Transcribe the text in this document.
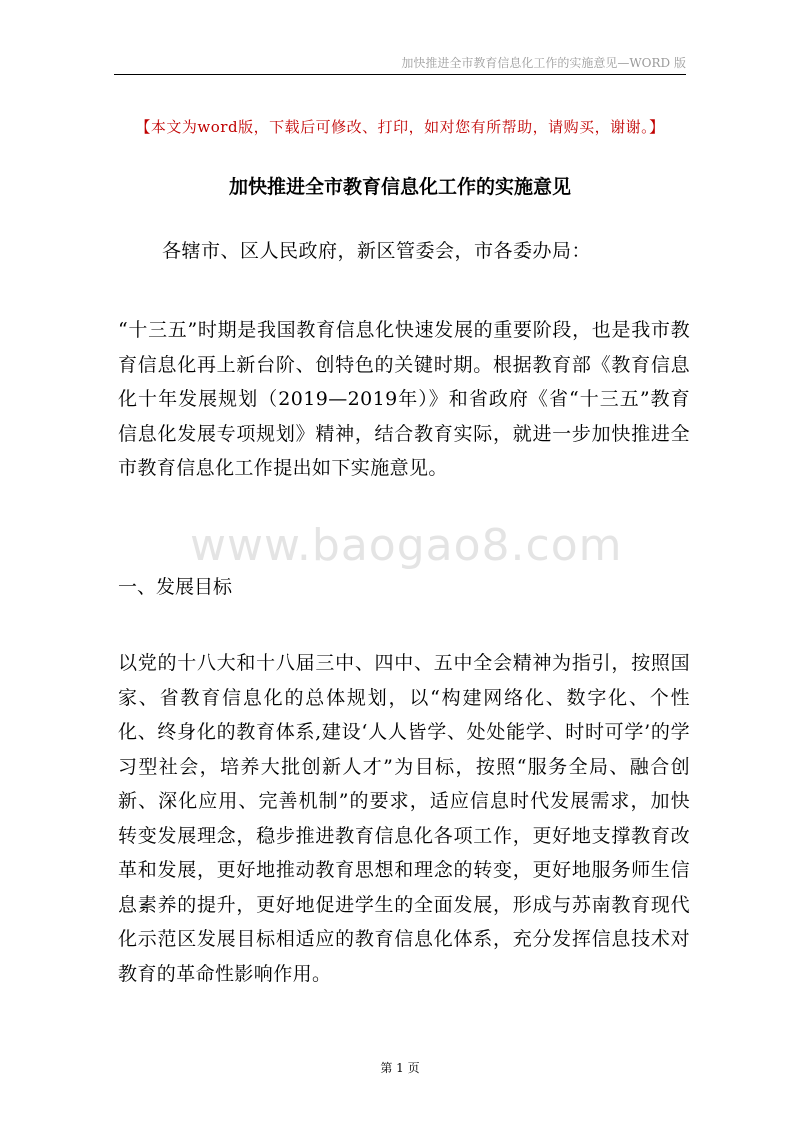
加快推进全市教育信息化工作的实施意见—WORD 版
【本文为word版，下载后可修改、打印，如对您有所帮助，请购买，谢谢。】
加快推进全市教育信息化工作的实施意见
各辖市、区人民政府，新区管委会，市各委办局：
“十三五”时期是我国教育信息化快速发展的重要阶段，也是我市教育信息化再上新台阶、创特色的关键时期。根据教育部《教育信息化十年发展规划（2019—2019年）》和省政府《省“十三五”教育信息化发展专项规划》精神，结合教育实际，就进一步加快推进全市教育信息化工作提出如下实施意见。
www.baogao8.com
一、发展目标
以党的十八大和十八届三中、四中、五中全会精神为指引，按照国家、省教育信息化的总体规划，以“构建网络化、数字化、个性化、终身化的教育体系,建设‘人人皆学、处处能学、时时可学’的学习型社会，培养大批创新人才”为目标，按照“服务全局、融合创新、深化应用、完善机制”的要求，适应信息时代发展需求，加快转变发展理念，稳步推进教育信息化各项工作，更好地支撑教育改革和发展，更好地推动教育思想和理念的转变，更好地服务师生信息素养的提升，更好地促进学生的全面发展，形成与苏南教育现代化示范区发展目标相适应的教育信息化体系，充分发挥信息技术对教育的革命性影响作用。
第 1 页
